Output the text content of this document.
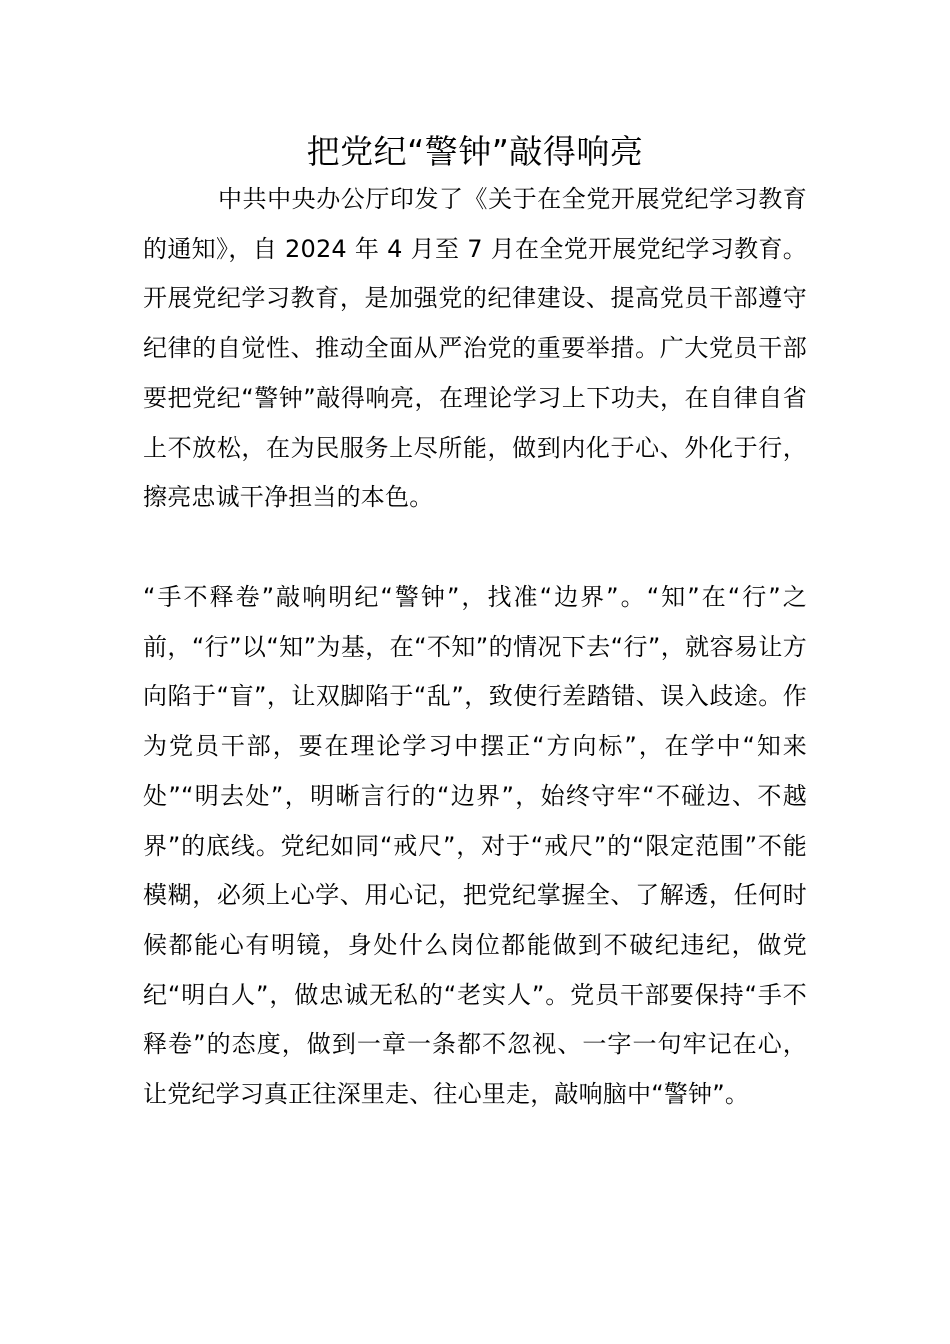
把党纪“警钟”敲得响亮

中共中央办公厅印发了《关于在全党开展党纪学习教育的通知》，自 2024 年 4 月至 7 月在全党开展党纪学习教育。开展党纪学习教育，是加强党的纪律建设、提高党员干部遵守纪律的自觉性、推动全面从严治党的重要举措。广大党员干部要把党纪“警钟”敲得响亮，在理论学习上下功夫，在自律自省上不放松，在为民服务上尽所能，做到内化于心、外化于行，擦亮忠诚干净担当的本色。

“手不释卷”敲响明纪“警钟”，找准“边界”。“知”在“行”之前，“行”以“知”为基，在“不知”的情况下去“行”，就容易让方向陷于“盲”，让双脚陷于“乱”，致使行差踏错、误入歧途。作为党员干部，要在理论学习中摆正“方向标”，在学中“知来处”“明去处”，明晰言行的“边界”，始终守牢“不碰边、不越界”的底线。党纪如同“戒尺”，对于“戒尺”的“限定范围”不能模糊，必须上心学、用心记，把党纪掌握全、了解透，任何时候都能心有明镜，身处什么岗位都能做到不破纪违纪，做党纪“明白人”，做忠诚无私的“老实人”。党员干部要保持“手不释卷”的态度，做到一章一条都不忽视、一字一句牢记在心，让党纪学习真正往深里走、往心里走，敲响脑中“警钟”。
